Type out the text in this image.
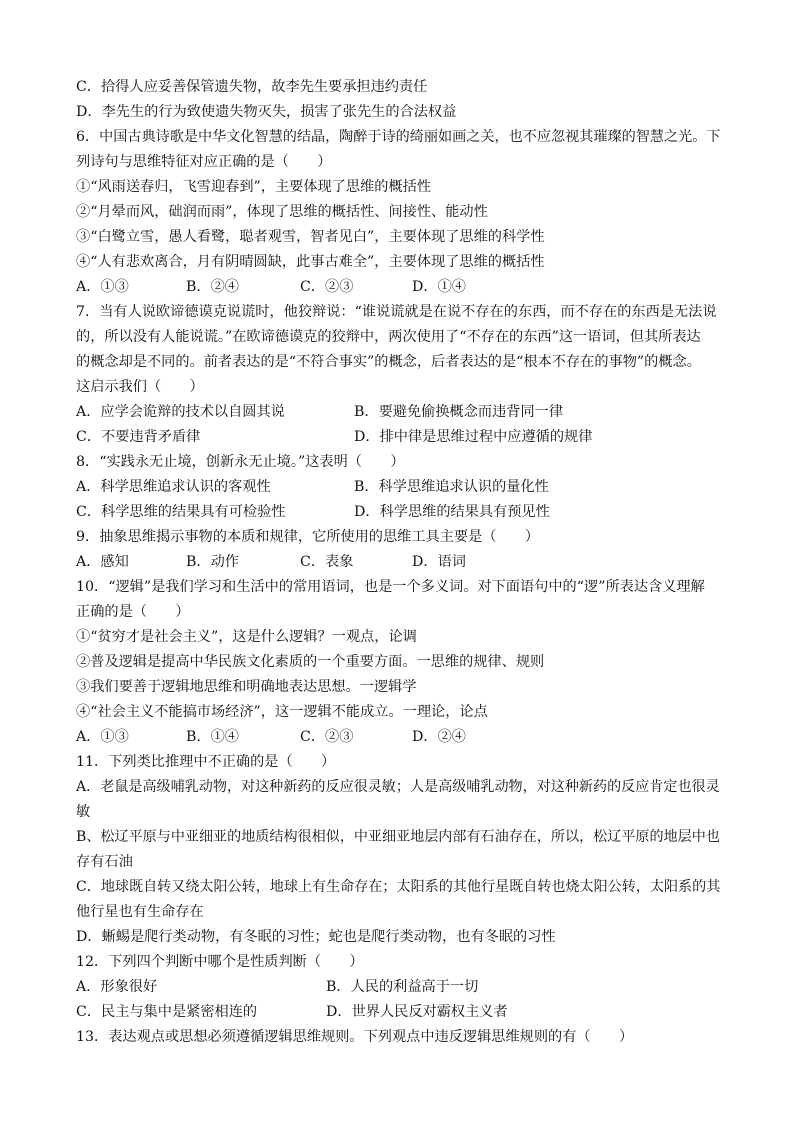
C．拾得人应妥善保管遗失物，故李先生要承担违约责任
D．李先生的行为致使遗失物灭失，损害了张先生的合法权益
6．中国古典诗歌是中华文化智慧的结晶，陶醉于诗的绮丽如画之关，也不应忽视其璀璨的智慧之光。下
列诗句与思维特征对应正确的是（　　）
①“风雨送春归，飞雪迎春到”，主要体现了思维的概括性
②“月晕而风，础润而雨”，体现了思维的概括性、间接性、能动性
③“白鹭立雪，愚人看鹭，聪者观雪，智者见白”，主要体现了思维的科学性
④“人有悲欢离合，月有阴晴圆缺，此事古难全”，主要体现了思维的概括性
A．①③	B．②④	C．②③	D．①④
7．当有人说欧谛德谟克说谎时，他狡辩说：“谁说谎就是在说不存在的东西，而不存在的东西是无法说
的，所以没有人能说谎。”在欧谛德谟克的狡辩中，两次使用了“不存在的东西”这一语词，但其所表达
的概念却是不同的。前者表达的是“不符合事实”的概念，后者表达的是“根本不存在的事物”的概念。
这启示我们（　　）
A．应学会诡辩的技术以自圆其说	B．要避免偷换概念而违背同一律
C．不要违背矛盾律	D．排中律是思维过程中应遵循的规律
8．“实践永无止境，创新永无止境。”这表明（　　）
A．科学思维追求认识的客观性	B．科学思维追求认识的量化性
C．科学思维的结果具有可检验性	D．科学思维的结果具有预见性
9．抽象思维揭示事物的本质和规律，它所使用的思维工具主要是（　　）
A．感知	B．动作	C．表象	D．语词
10．“逻辑”是我们学习和生活中的常用语词，也是一个多义词。对下面语句中的“逻”所表达含义理解
正确的是（　　）
①“贫穷才是社会主义”，这是什么逻辑？一观点，论调
②普及逻辑是提高中华民族文化素质的一个重要方面。一思维的规律、规则
③我们要善于逻辑地思维和明确地表达思想。一逻辑学
④“社会主义不能搞市场经济”，这一逻辑不能成立。一理论，论点
A．①③	B．①④	C．②③	D．②④
11．下列类比推理中不正确的是（　　）
A．老鼠是高级哺乳动物，对这种新药的反应很灵敏；人是高级哺乳动物，对这种新药的反应肯定也很灵
敏
B、松辽平原与中亚细亚的地质结构很相似，中亚细亚地层内部有石油存在，所以，松辽平原的地层中也
存有石油
C．地球既自转又绕太阳公转，地球上有生命存在；太阳系的其他行星既自转也烧太阳公转，太阳系的其
他行星也有生命存在
D．蜥蜴是爬行类动物，有冬眠的习性；蛇也是爬行类动物，也有冬眠的习性
12．下列四个判断中哪个是性质判断（　　）
A．形象很好	B．人民的利益高于一切
C．民主与集中是紧密相连的	D．世界人民反对霸权主义者
13．表达观点或思想必须遵循逻辑思维规则。下列观点中违反逻辑思维规则的有（　　）
